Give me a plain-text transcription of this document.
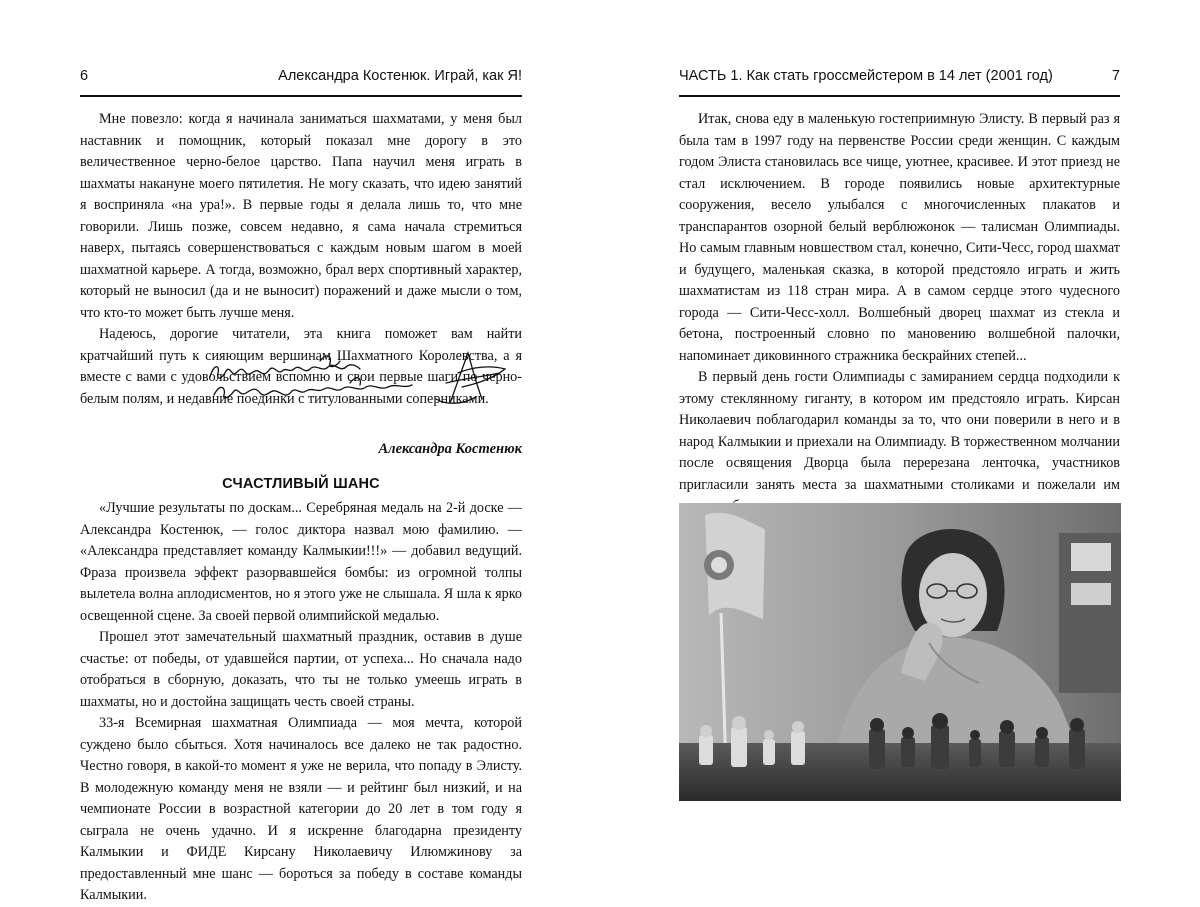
6	Александра Костенюк. Играй, как Я!

Мне повезло: когда я начинала заниматься шахматами, у меня был наставник и помощник, который показал мне дорогу в это величественное черно-белое царство. Папа научил меня играть в шахматы накануне моего пятилетия. Не могу сказать, что идею занятий я восприняла «на ура!». В первые годы я делала лишь то, что мне говорили. Лишь позже, совсем недавно, я сама начала стремиться наверх, пытаясь совершенствоваться с каждым новым шагом в моей шахматной карьере. А тогда, возможно, брал верх спортивный характер, который не выносил (да и не выносит) поражений и даже мысли о том, что кто-то может быть лучше меня.

Надеюсь, дорогие читатели, эта книга поможет вам найти кратчайший путь к сияющим вершинам Шахматного Королевства, а я вместе с вами с удовольствием вспомню и свои первые шаги по черно-белым полям, и недавние поединки с титулованными соперниками.

Александра Костенюк
СЧАСТЛИВЫЙ ШАНС

«Лучшие результаты по доскам... Серебряная медаль на 2-й доске — Александра Костенюк, — голос диктора назвал мою фамилию. — «Александра представляет команду Калмыкии!!!» — добавил ведущий. Фраза произвела эффект разорвавшейся бомбы: из огромной толпы вылетела волна аплодисментов, но я этого уже не слышала. Я шла к ярко освещенной сцене. За своей первой олимпийской медалью.

Прошел этот замечательный шахматный праздник, оставив в душе счастье: от победы, от удавшейся партии, от успеха... Но сначала надо отобраться в сборную, доказать, что ты не только умеешь играть в шахматы, но и достойна защищать честь своей страны.

33-я Всемирная шахматная Олимпиада — моя мечта, которой суждено было сбыться. Хотя начиналось все далеко не так радостно. Честно говоря, в какой-то момент я уже не верила, что попаду в Элисту. В молодежную команду меня не взяли — и рейтинг был низкий, и на чемпионате России в возрастной категории до 20 лет в том году я сыграла не очень удачно. И я искренне благодарна президенту Калмыкии и ФИДЕ Кирсану Николаевичу Илюмжинову за предоставленный мне шанс — бороться за победу в составе команды Калмыкии.

ЧАСТЬ 1. Как стать гроссмейстером в 14 лет (2001 год)	7

Итак, снова еду в маленькую гостеприимную Элисту. В первый раз я была там в 1997 году на первенстве России среди женщин. С каждым годом Элиста становилась все чище, уютнее, красивее. И этот приезд не стал исключением. В городе появились новые архитектурные сооружения, весело улыбался с многочисленных плакатов и транспарантов озорной белый верблюжонок — талисман Олимпиады. Но самым главным новшеством стал, конечно, Сити-Чесс, город шахмат и будущего, маленькая сказка, в которой предстояло играть и жить шахматистам из 118 стран мира. А в самом сердце этого чудесного города — Сити-Чесс-холл. Волшебный дворец шахмат из стекла и бетона, построенный словно по мановению волшебной палочки, напоминает диковинного стражника бескрайних степей...

В первый день гости Олимпиады с замиранием сердца подходили к этому стеклянному гиганту, в котором им предстояло играть. Кирсан Николаевич поблагодарил команды за то, что они поверили в него и в народ Калмыкии и приехали на Олимпиаду. В торжественном молчании после освящения Дворца была перерезана ленточка, участников пригласили занять места за шахматными столиками и пожелали им
